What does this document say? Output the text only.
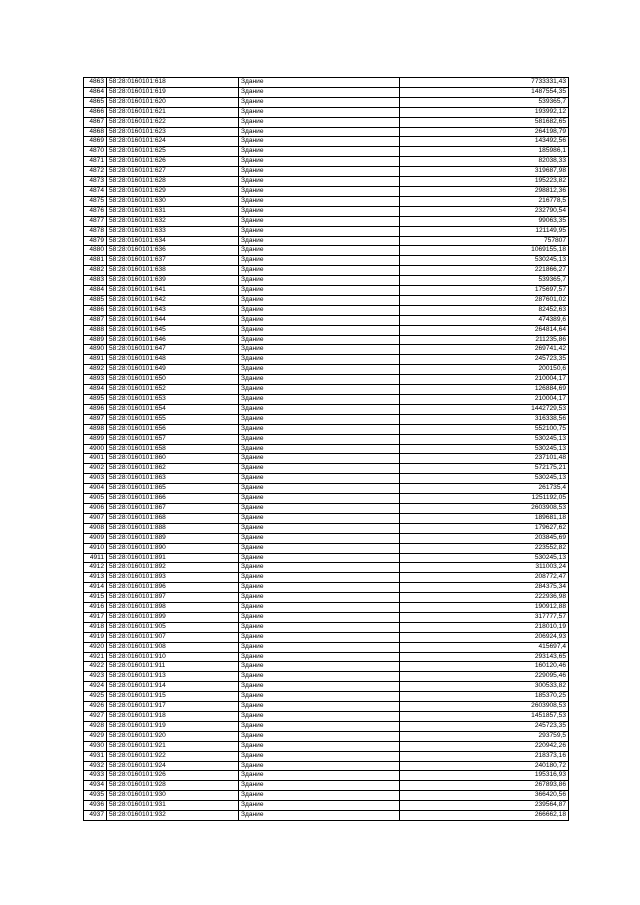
4863	58:28:0160101:618	Здание	7733331,43
4864	58:28:0160101:619	Здание	1487554,35
4865	58:28:0160101:620	Здание	539365,7
4866	58:28:0160101:621	Здание	193992,12
4867	58:28:0160101:622	Здание	581682,65
4868	58:28:0160101:623	Здание	264198,79
4869	58:28:0160101:624	Здание	143492,56
4870	58:28:0160101:625	Здание	185986,1
4871	58:28:0160101:626	Здание	82038,33
4872	58:28:0160101:627	Здание	319687,98
4873	58:28:0160101:628	Здание	195223,82
4874	58:28:0160101:629	Здание	298812,36
4875	58:28:0160101:630	Здание	216778,5
4876	58:28:0160101:631	Здание	232790,54
4877	58:28:0160101:632	Здание	99063,35
4878	58:28:0160101:633	Здание	121149,95
4879	58:28:0160101:634	Здание	757807
4880	58:28:0160101:636	Здание	1069155,18
4881	58:28:0160101:637	Здание	530245,13
4882	58:28:0160101:638	Здание	221866,27
4883	58:28:0160101:639	Здание	539365,7
4884	58:28:0160101:641	Здание	175697,57
4885	58:28:0160101:642	Здание	287601,02
4886	58:28:0160101:643	Здание	82452,63
4887	58:28:0160101:644	Здание	474389,6
4888	58:28:0160101:645	Здание	264814,64
4889	58:28:0160101:646	Здание	211235,86
4890	58:28:0160101:647	Здание	269741,42
4891	58:28:0160101:648	Здание	245723,35
4892	58:28:0160101:649	Здание	200150,6
4893	58:28:0160101:650	Здание	210004,17
4894	58:28:0160101:652	Здание	126884,69
4895	58:28:0160101:653	Здание	210004,17
4896	58:28:0160101:654	Здание	1442729,53
4897	58:28:0160101:655	Здание	316338,56
4898	58:28:0160101:656	Здание	552100,75
4899	58:28:0160101:657	Здание	530245,13
4900	58:28:0160101:658	Здание	530245,13
4901	58:28:0160101:860	Здание	237101,48
4902	58:28:0160101:862	Здание	572175,21
4903	58:28:0160101:863	Здание	530245,13
4904	58:28:0160101:865	Здание	261735,4
4905	58:28:0160101:866	Здание	1251192,05
4906	58:28:0160101:867	Здание	2603908,53
4907	58:28:0160101:868	Здание	189681,18
4908	58:28:0160101:888	Здание	179627,62
4909	58:28:0160101:889	Здание	203845,69
4910	58:28:0160101:890	Здание	223552,82
4911	58:28:0160101:891	Здание	530245,13
4912	58:28:0160101:892	Здание	311003,24
4913	58:28:0160101:893	Здание	208772,47
4914	58:28:0160101:896	Здание	284375,34
4915	58:28:0160101:897	Здание	222936,98
4916	58:28:0160101:898	Здание	190912,88
4917	58:28:0160101:899	Здание	317777,57
4918	58:28:0160101:905	Здание	218010,19
4919	58:28:0160101:907	Здание	206924,93
4920	58:28:0160101:908	Здание	415697,4
4921	58:28:0160101:910	Здание	293143,65
4922	58:28:0160101:911	Здание	160120,46
4923	58:28:0160101:913	Здание	229095,46
4924	58:28:0160101:914	Здание	300533,82
4925	58:28:0160101:915	Здание	185370,25
4926	58:28:0160101:917	Здание	2603908,53
4927	58:28:0160101:918	Здание	1451857,53
4928	58:28:0160101:919	Здание	245723,35
4929	58:28:0160101:920	Здание	293759,5
4930	58:28:0160101:921	Здание	220942,26
4931	58:28:0160101:922	Здание	218373,16
4932	58:28:0160101:924	Здание	240180,72
4933	58:28:0160101:926	Здание	195316,93
4934	58:28:0160101:928	Здание	267893,86
4935	58:28:0160101:930	Здание	366420,56
4936	58:28:0160101:931	Здание	239564,87
4937	58:28:0160101:932	Здание	266662,18
